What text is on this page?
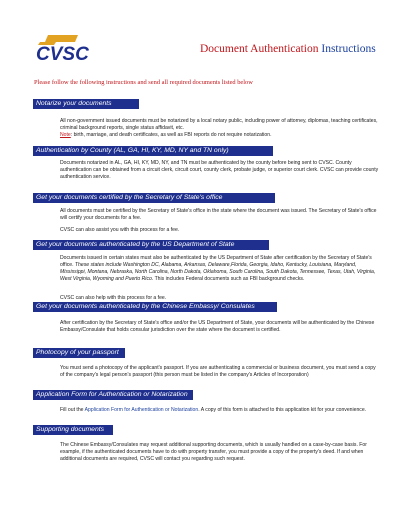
CVSC	Document Authentication Instructions
Please follow the following instructions and send all required documents listed below
Notarize your documents
All non-government issued documents must be notarized by a local notary public, including power of attorney, diplomas, teaching certificates, criminal background reports, single status affidavit, etc.
Note: birth, marriage, and death certificates, as well as FBI reports do not require notarization.
Authentication by County (AL, GA, HI, KY, MD, NY and TN only)
Documents notarized in AL, GA, HI, KY, MD, NY, and TN must be authenticated by the county before being sent to CVSC. County authentication can be obtained from a circuit clerk, circuit court, county clerk, probate judge, or superior court clerk. CVSC can provide county authentication service.
Get your documents certified by the Secretary of State's office
All documents must be certified by the Secretary of State's office in the state where the document was issued. The Secretary of State's office will certify your documents for a fee.
CVSC can also assist you with this process for a fee.
Get your documents authenticated by the US Department of State
Documents issued in certain states must also be authenticated by the US Department of State after certification by the Secretary of State's office. These states include Washington DC, Alabama, Arkansas, Delaware,Florida, Georgia, Idaho, Kentucky, Louisiana, Maryland, Mississippi, Montana, Nebraska, North Carolina, North Dakota, Oklahoma, South Carolina, South Dakota, Tennessee, Texas, Utah, Virginia, West Virginia, Wyoming and Puerto Rico. This includes Federal documents such as FBI background checks.
CVSC can also help with this process for a fee.
Get your documents authenticated by the Chinese Embassy/ Consulates
After certification by the Secretary of State's office and/or the US Department of State, your documents will be authenticated by the Chinese Embassy/Consulate that holds consular jurisdiction over the state where the document is certified.
Photocopy of your passport
You must send a photocopy of the applicant's passport. If you are authenticating a commercial or business document, you must send a copy of the company's legal person's passport (this person must be listed in the company's Articles of Incorporation)
Application Form for Authentication or Notarization
Fill out the Application Form for Authentication or Notarization. A copy of this form is attached to this application kit for your convenience.
Supporting documents
The Chinese Embassy/Consulates may request additional supporting documents, which is usually handled on a case-by-case basis. For example, if the authenticated documents have to do with property transfer, you must provide a copy of the property's deed. If and when additional documents are required, CVSC will contact you regarding such request.
